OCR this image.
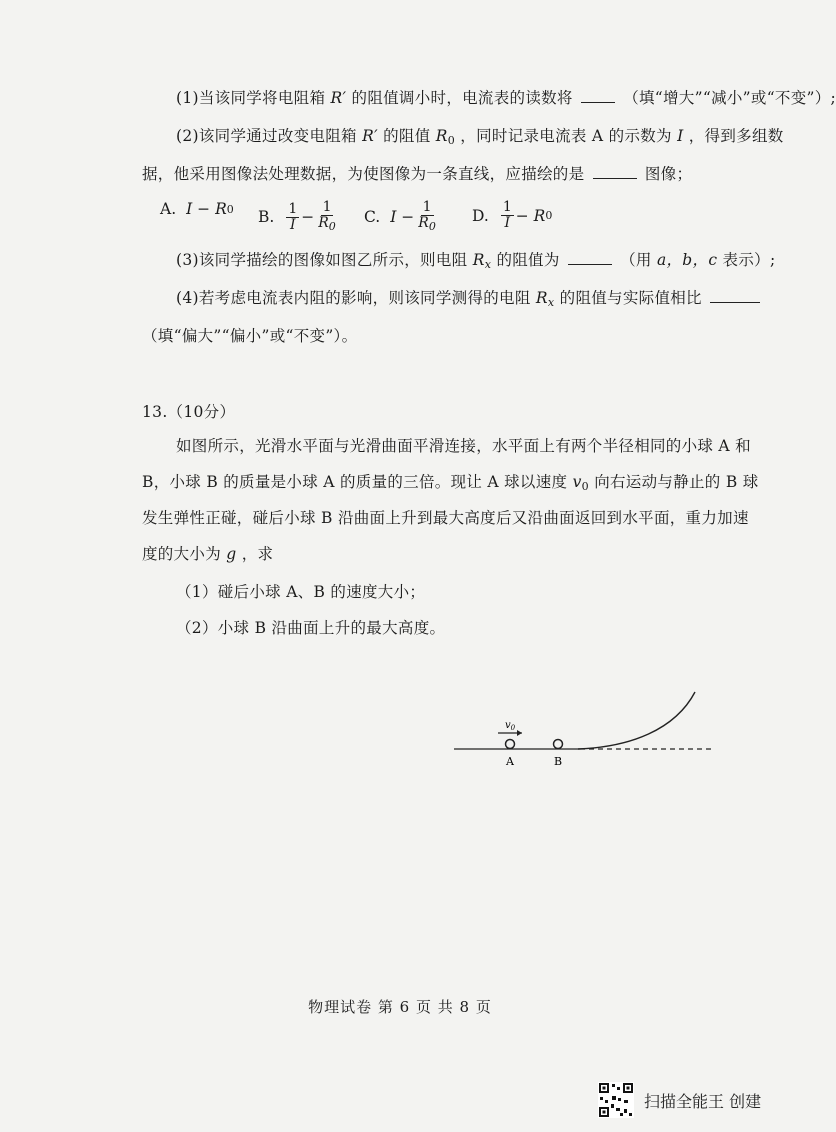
(1)当该同学将电阻箱 R′ 的阻值调小时，电流表的读数将	（填“增大”“减小”或“不变”）;
(2)该同学通过改变电阻箱 R′ 的阻值 $R_0$ ，同时记录电流表 A 的示数为 I ，得到多组数
据，他采用图像法处理数据，为使图像为一条直线，应描绘的是	图像；
A. I − R 0 B. $\frac{1}{I} - \frac{1}{R_0} C$. $I - \frac{1}{R_0} D$. $\frac{1}{I} - R$ 0
(3)该同学描绘的图像如图乙所示，则电阻 $R_x$ 的阻值为	（用 a，b，c 表示）;
(4)若考虑电流表内阻的影响，则该同学测得的电阻 $R_x$ 的阻值与实际值相比
（填“偏大”“偏小”或“不变”）。
13.（10分）
如图所示，光滑水平面与光滑曲面平滑连接，水平面上有两个半径相同的小球 A 和
B，小球 B 的质量是小球 A 的质量的三倍。现让 A 球以速度 $v_0$ 向右运动与静止的 B 球
发生弹性正碰，碰后小球 B 沿曲面上升到最大高度后又沿曲面返回到水平面，重力加速
度的大小为 g ，求
（1）碰后小球 A、B 的速度大小；
（2）小球 B 沿曲面上升的最大高度。
$v_0$
A	B
物理试卷 第 6 页 共 8 页
扫描全能王 创建
